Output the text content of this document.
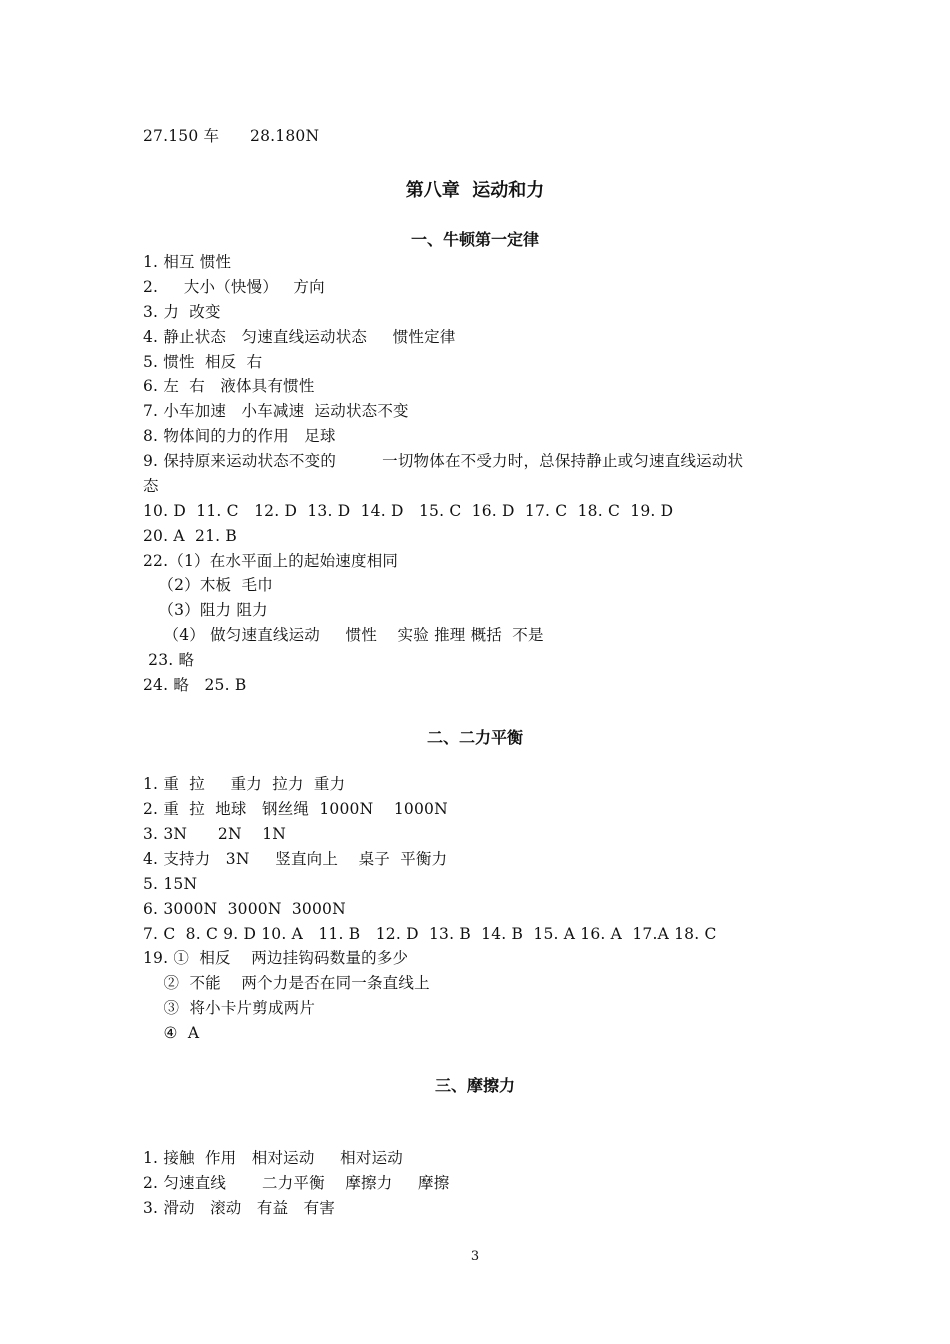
27.150 车      28.180N
第八章  运动和力
一、牛顿第一定律
1. 相互 惯性
2.     大小（快慢）   方向
3. 力  改变
4. 静止状态   匀速直线运动状态     惯性定律
5. 惯性  相反  右
6. 左  右   液体具有惯性
7. 小车加速   小车减速  运动状态不变
8. 物体间的力的作用   足球
9. 保持原来运动状态不变的         一切物体在不受力时，总保持静止或匀速直线运动状
态
10. D  11. C   12. D  13. D  14. D   15. C  16. D  17. C  18. C  19. D
20. A  21. B
22.（1）在水平面上的起始速度相同
（2）木板  毛巾
（3）阻力 阻力
（4） 做匀速直线运动     惯性    实验 推理 概括  不是
23. 略
24. 略   25. B
二、二力平衡
1. 重  拉     重力  拉力  重力
2. 重  拉  地球   钢丝绳  1000N    1000N
3. 3N      2N    1N
4. 支持力   3N     竖直向上    桌子  平衡力
5. 15N
6. 3000N  3000N  3000N
7. C  8. C 9. D 10. A   11. B   12. D  13. B  14. B  15. A 16. A  17.A 18. C
19. ①  相反    两边挂钩码数量的多少
②  不能    两个力是否在同一条直线上
③  将小卡片剪成两片
④  A
三、摩擦力
1. 接触  作用   相对运动     相对运动
2. 匀速直线       二力平衡    摩擦力     摩擦
3. 滑动   滚动   有益   有害
3
